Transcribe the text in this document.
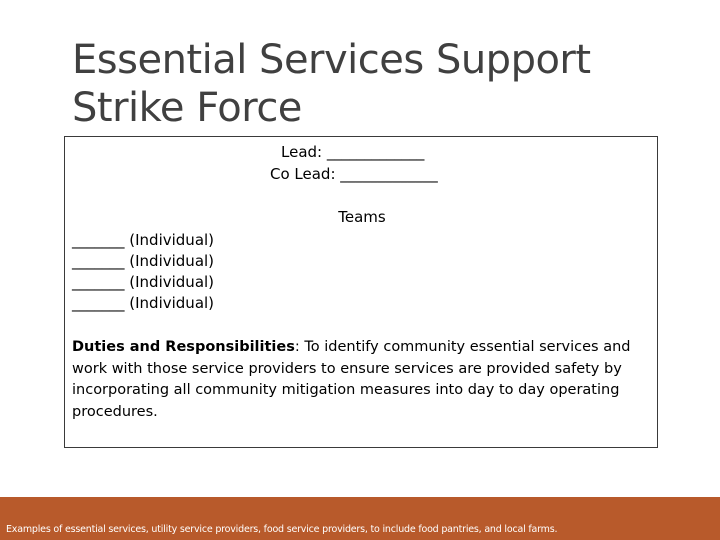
Essential Services Support
Strike Force
Lead: _____________
Co Lead: _____________
Teams
_______ (Individual)
_______ (Individual)
_______ (Individual)
_______ (Individual)
Duties and Responsibilities: To identify community essential services and work with those service providers to ensure services are provided safety by incorporating all community mitigation measures into day to day operating procedures.
Examples of essential services, utility service providers, food service providers, to include food pantries, and local farms.
